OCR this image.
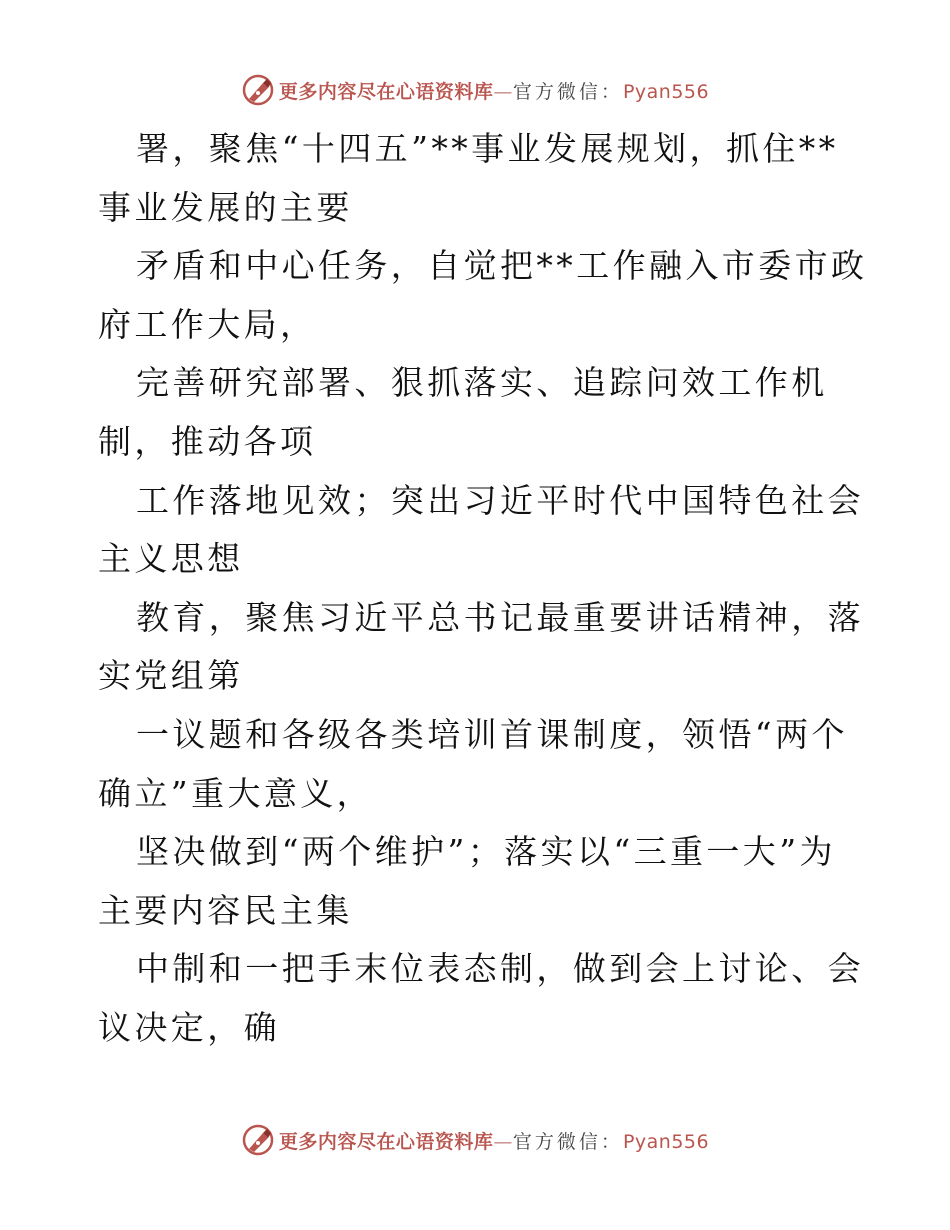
更多内容尽在心语资料库—官方微信：Pyan556

署，聚焦“十四五”**事业发展规划，抓住**事业发展的主要

矛盾和中心任务，自觉把**工作融入市委市政府工作大局，

完善研究部署、狠抓落实、追踪问效工作机制，推动各项

工作落地见效；突出习近平时代中国特色社会主义思想

教育，聚焦习近平总书记最重要讲话精神，落实党组第

一议题和各级各类培训首课制度，领悟“两个确立”重大意义，

坚决做到“两个维护”；落实以“三重一大”为主要内容民主集

中制和一把手末位表态制，做到会上讨论、会议决定，确

更多内容尽在心语资料库—官方微信：Pyan556
